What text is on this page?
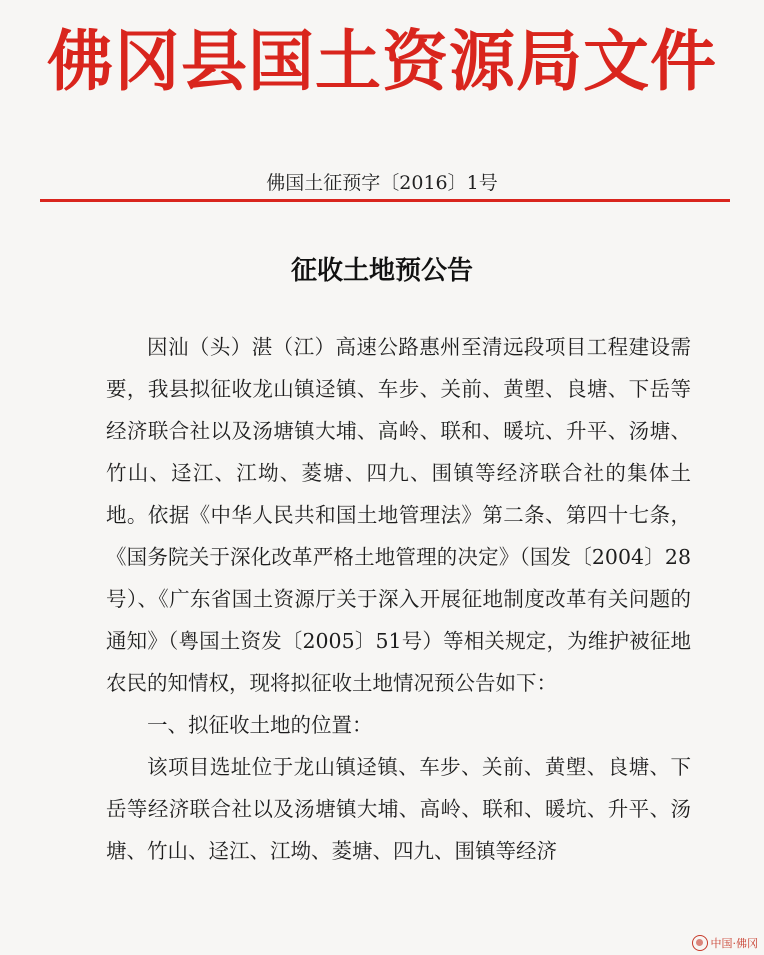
佛冈县国土资源局文件
佛国土征预字〔2016〕1号
征收土地预公告

因汕（头）湛（江）高速公路惠州至清远段项目工程建设需要，我县拟征收龙山镇迳镇、车步、关前、黄塱、良塘、下岳等经济联合社以及汤塘镇大埔、高岭、联和、暖坑、升平、汤塘、竹山、迳江、江坳、菱塘、四九、围镇等经济联合社的集体土地。依据《中华人民共和国土地管理法》第二条、第四十七条，《国务院关于深化改革严格土地管理的决定》（国发〔2004〕28号）、《广东省国土资源厅关于深入开展征地制度改革有关问题的通知》（粤国土资发〔2005〕51号）等相关规定，为维护被征地农民的知情权，现将拟征收土地情况预公告如下：

一、拟征收土地的位置：

该项目选址位于龙山镇迳镇、车步、关前、黄塱、良塘、下岳等经济联合社以及汤塘镇大埔、高岭、联和、暖坑、升平、汤塘、竹山、迳江、江坳、菱塘、四九、围镇等经济

中国·佛冈
